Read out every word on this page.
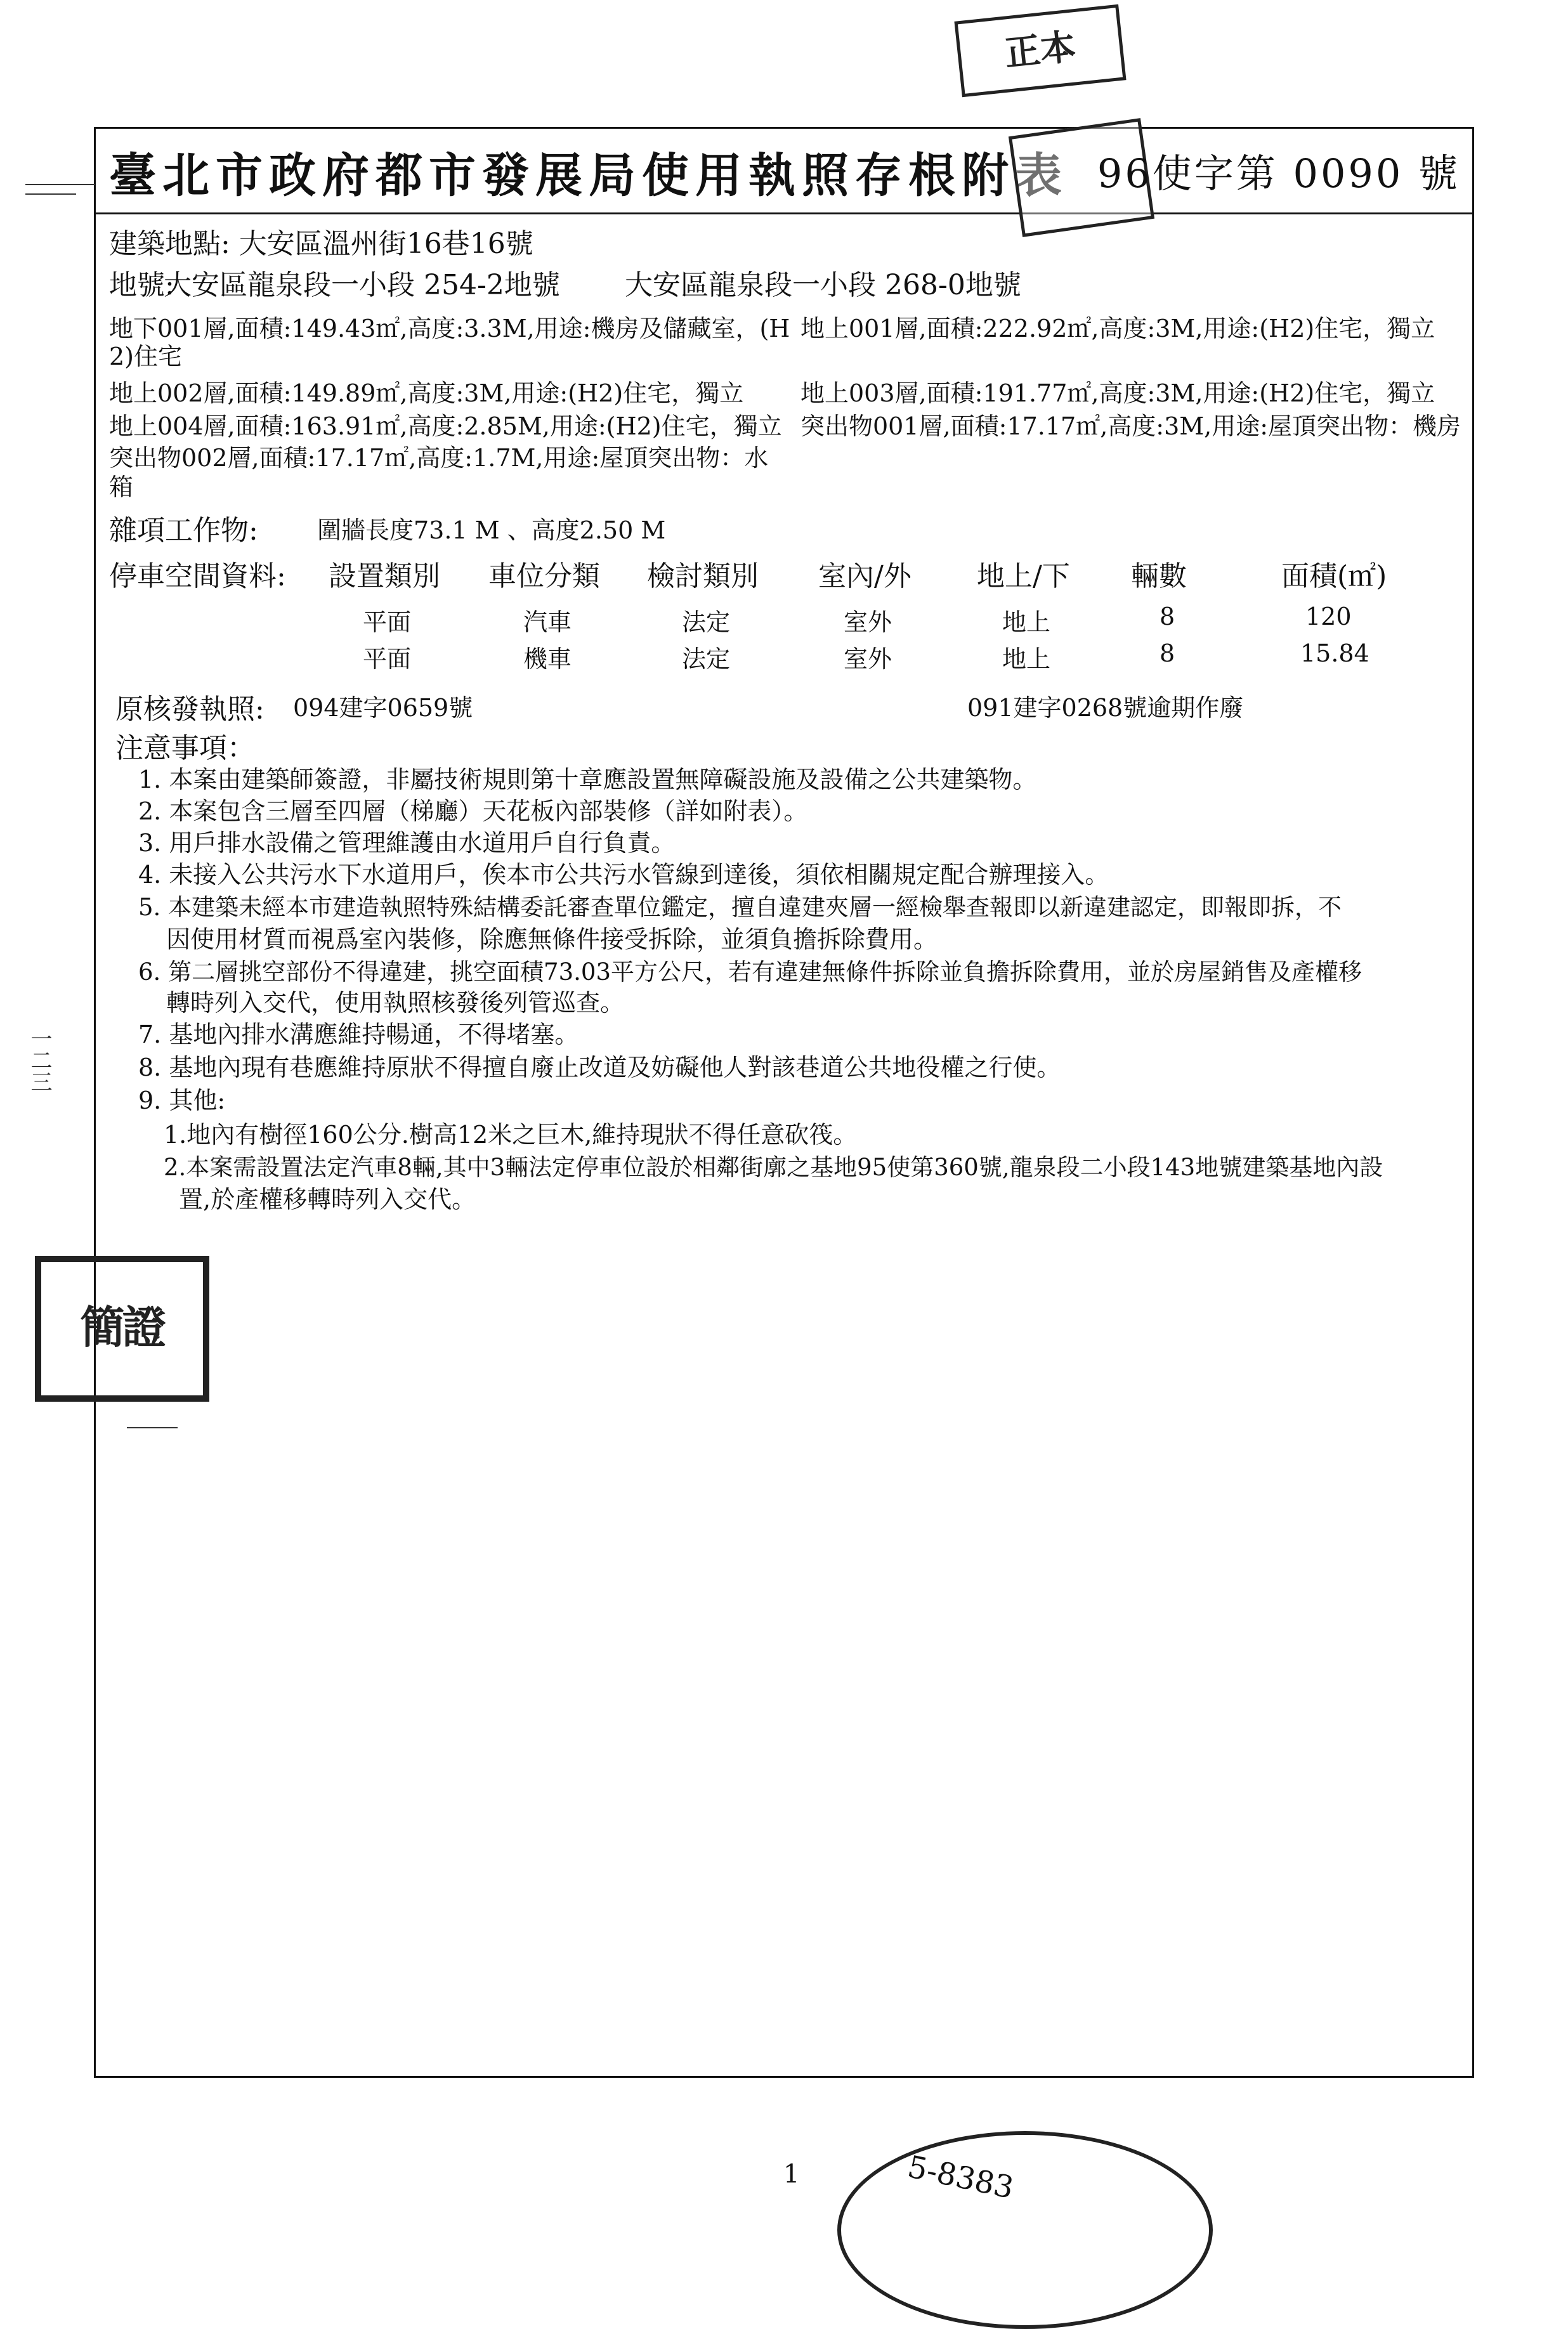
正本
臺北市政府都市發展局使用執照存根附表 96使字第 0090 號
建築地點: 大安區溫州街16巷16號
地號:
大安區龍泉段一小段 254-2地號 大安區龍泉段一小段 268-0地號
地下001層,面積:149.43㎡,高度:3.3M,用途:機房及儲藏室，(H
2)住宅
地上001層,面積:222.92㎡,高度:3M,用途:(H2)住宅，獨立
地上002層,面積:149.89㎡,高度:3M,用途:(H2)住宅，獨立 地上003層,面積:191.77㎡,高度:3M,用途:(H2)住宅，獨立
地上004層,面積:163.91㎡,高度:2.85M,用途:(H2)住宅，獨立 突出物001層,面積:17.17㎡,高度:3M,用途:屋頂突出物：機房
突出物002層,面積:17.17㎡,高度:1.7M,用途:屋頂突出物：水
箱
雜項工作物: 圍牆長度73.1 M 、高度2.50 M
停車空間資料: 設置類別 車位分類 檢討類別 室內/外 地上/下 輛數	面積(㎡)
平面	汽車	法定	室外	地上	8	120
平面	機車	法定	室外	地上	8	15.84
原核發執照: 094建字0659號	091建字0268號逾期作廢
注意事項：
1. 本案由建築師簽證，非屬技術規則第十章應設置無障礙設施及設備之公共建築物。
2. 本案包含三層至四層（梯廳）天花板內部裝修（詳如附表）。
3. 用戶排水設備之管理維護由水道用戶自行負責。
4. 未接入公共污水下水道用戶，俟本市公共污水管線到達後，須依相關規定配合辦理接入。
5. 本建築未經本市建造執照特殊結構委託審查單位鑑定，擅自違建夾層一經檢舉查報即以新違建認定，即報即拆，不
因使用材質而視爲室內裝修，除應無條件接受拆除，並須負擔拆除費用。
6. 第二層挑空部份不得違建，挑空面積73.03平方公尺，若有違建無條件拆除並負擔拆除費用，並於房屋銷售及產權移
轉時列入交代，使用執照核發後列管巡查。
7. 基地內排水溝應維持暢通，不得堵塞。
8. 基地內現有巷應維持原狀不得擅自廢止改道及妨礙他人對該巷道公共地役權之行使。
9. 其他:
1.地內有樹徑160公分.樹高12米之巨木,維持現狀不得任意砍筏。
2.本案需設置法定汽車8輛,其中3輛法定停車位設於相鄰街廓之基地95使第360號,龍泉段二小段143地號建築基地內設
置,於產權移轉時列入交代。
一二三
簡證
5-8383
1
